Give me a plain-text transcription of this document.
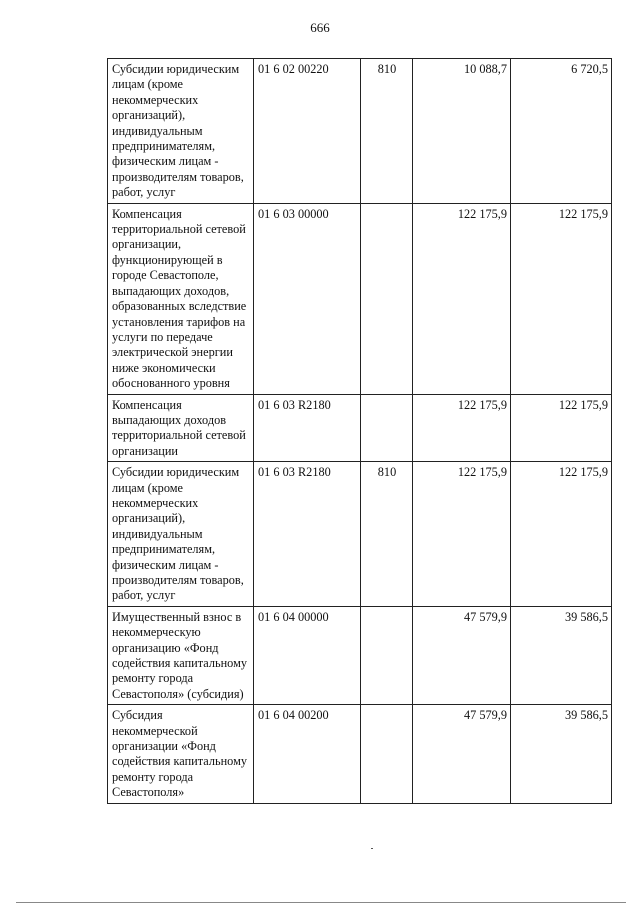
666
Субсидии юридическим лицам (кроме некоммерческих организаций), индивидуальным предпринимателям, физическим лицам - производителям товаров, работ, услуг	01 6 02 00220	810	10 088,7	6 720,5

Компенсация территориальной сетевой организации, функционирующей в городе Севастополе, выпадающих доходов, образованных вследствие установления тарифов на услуги по передаче электрической энергии ниже экономически обоснованного уровня	01 6 03 00000		122 175,9	122 175,9

Компенсация выпадающих доходов территориальной сетевой организации	01 6 03 R2180		122 175,9	122 175,9

Субсидии юридическим лицам (кроме некоммерческих организаций), индивидуальным предпринимателям, физическим лицам - производителям товаров, работ, услуг	01 6 03 R2180	810	122 175,9	122 175,9

Имущественный взнос в некоммерческую организацию «Фонд содействия капитальному ремонту города Севастополя» (субсидия)	01 6 04 00000		47 579,9	39 586,5

Субсидия некоммерческой организации «Фонд содействия капитальному ремонту города Севастополя»	01 6 04 00200		47 579,9	39 586,5
